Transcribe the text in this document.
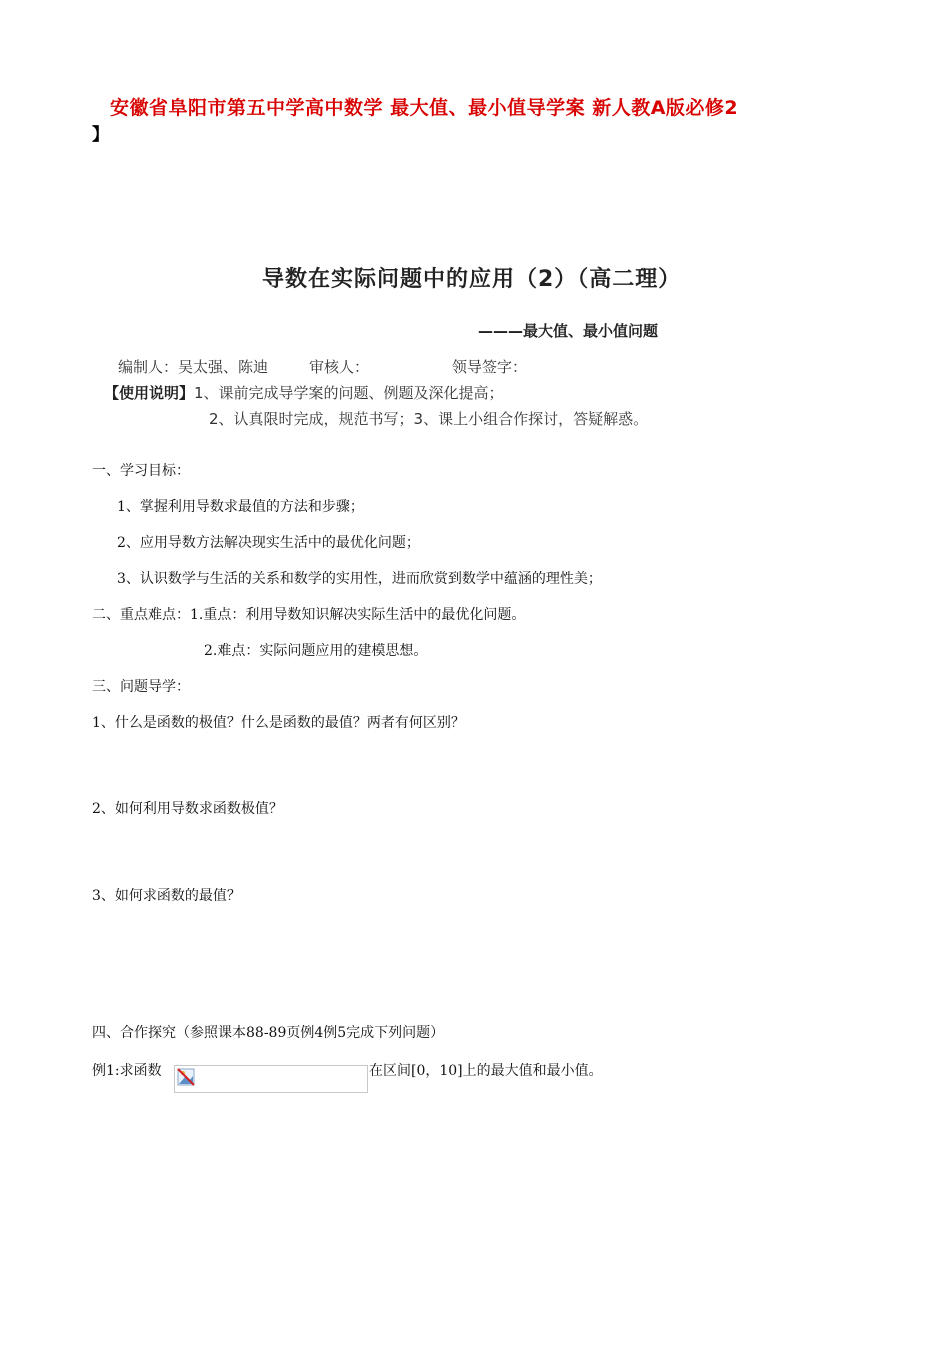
安徽省阜阳市第五中学高中数学 最大值、最小值导学案 新人教A版必修2
】
导数在实际问题中的应用（2）（高二理）
———最大值、最小值问题
编制人：吴太强、陈迪	审核人：	领导签字：
【使用说明】1、课前完成导学案的问题、例题及深化提高；
2、认真限时完成，规范书写；3、课上小组合作探讨，答疑解惑。
一、学习目标：
1、掌握利用导数求最值的方法和步骤；
2、应用导数方法解决现实生活中的最优化问题；
3、认识数学与生活的关系和数学的实用性，进而欣赏到数学中蕴涵的理性美；
二、重点难点：1.重点：利用导数知识解决实际生活中的最优化问题。
2.难点：实际问题应用的建模思想。
三、问题导学：
1、什么是函数的极值？什么是函数的最值？两者有何区别？
2、如何利用导数求函数极值？
3、如何求函数的最值？
四、合作探究（参照课本88-89页例4例5完成下列问题）
例1:求函数	在区间[0，10]上的最大值和最小值。
